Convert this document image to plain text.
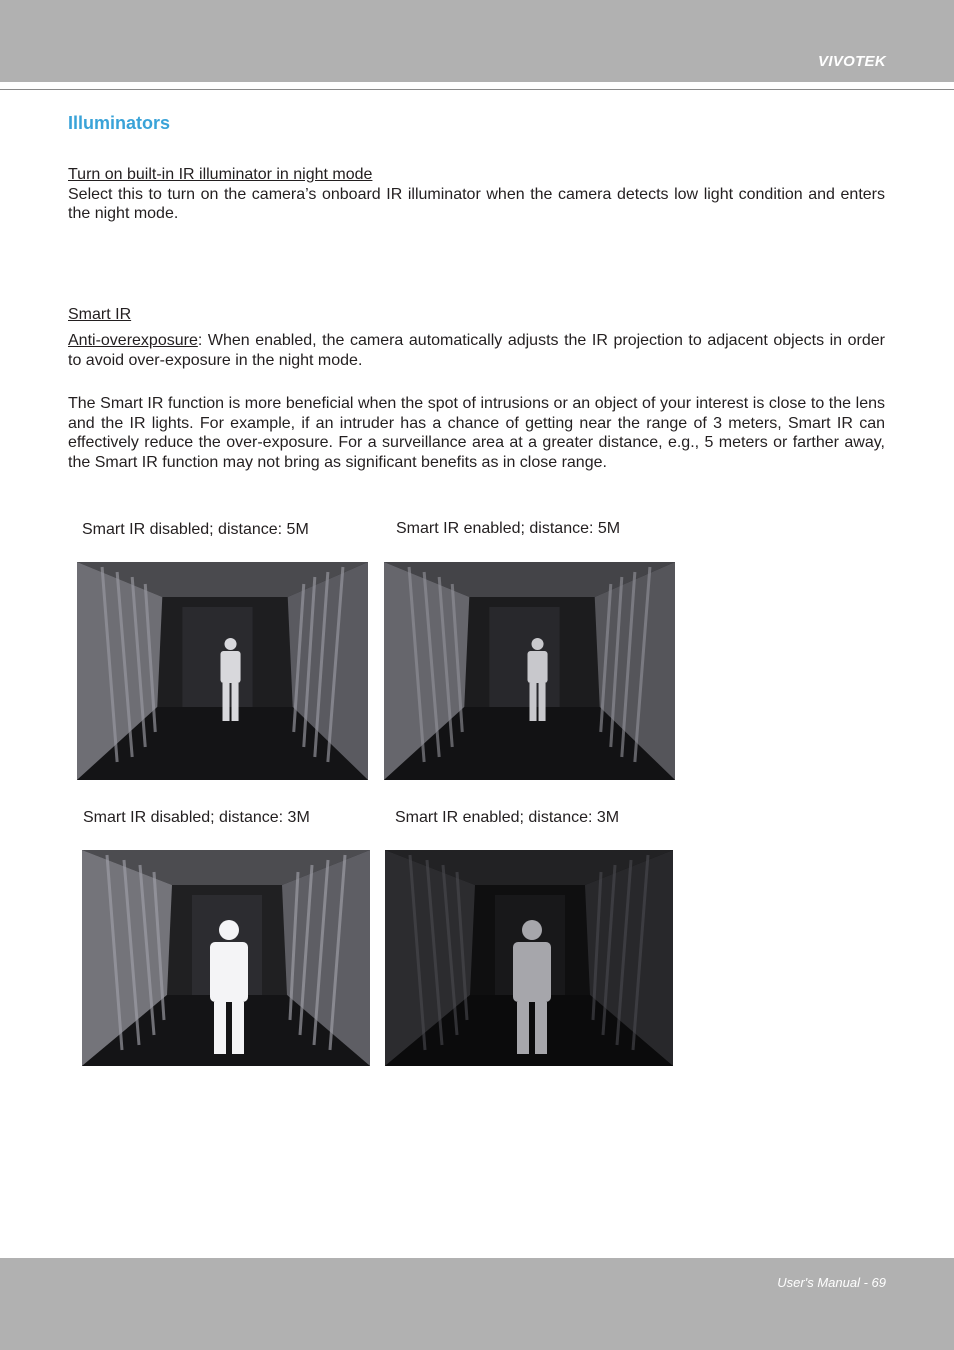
VIVOTEK
Illuminators
Turn on built-in IR illuminator in night mode
Select this to turn on the camera’s onboard IR illuminator when the camera detects low light condition and enters the night mode.
Smart IR
Anti-overexposure: When enabled, the camera automatically adjusts the IR projection to adjacent objects in order to avoid over-exposure in the night mode.
The Smart IR function is more beneficial when the spot of intrusions or an object of your interest is close to the lens and the IR lights. For example, if an intruder has a chance of getting near the range of 3 meters, Smart IR can effectively reduce the over-exposure. For a surveillance area at a greater distance, e.g., 5 meters or farther away, the Smart IR function may not bring as significant benefits as in close range.
Smart IR disabled; distance: 5M	Smart IR enabled; distance: 5M
Smart IR disabled; distance: 3M	Smart IR enabled; distance: 3M
User's Manual - 69
